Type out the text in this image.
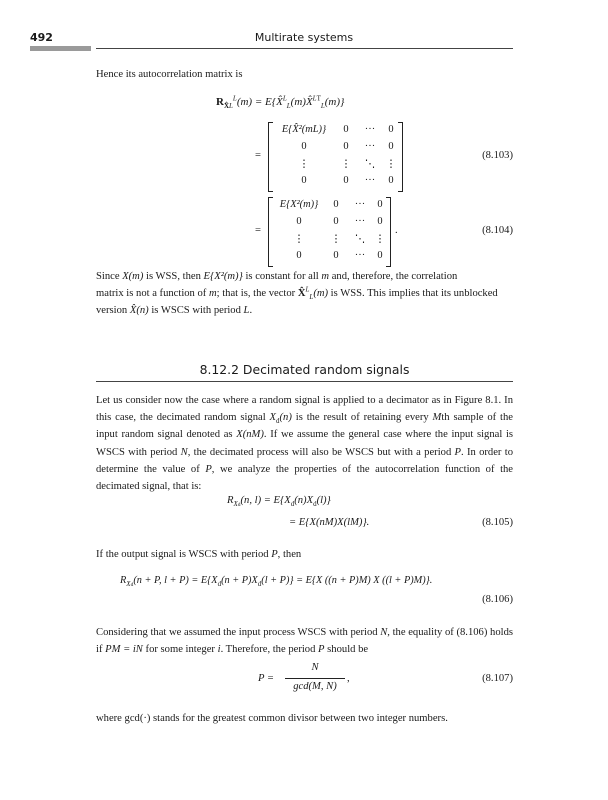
492	Multirate systems
Hence its autocorrelation matrix is
$R_{X̂L}^L(m)$ = E{X̂$^L_L$(m)X̂$^{LT}_L$(m)}
=
E{X̂²(mL)}	0	···	0
0	0	···	0
⋮	⋮	⋱	⋮
0	0	···	0
(8.103)
=
E{X²(m)}	0	···	0
0	0	···	0
⋮	⋮	⋱ ⋮
0	0	···	0
.	(8.104)
Since X(m) is WSS, then E{X²(m)} is constant for all m and, therefore, the correlation
matrix is not a function of m; that is, the vector X̂$^L_L$(m) is WSS. This implies that its unblocked
version X̂(n) is WSCS with period L.
8.12.2 Decimated random signals
Let us consider now the case where a random signal is applied to a decimator as in Figure 8.1. In this case, the decimated random signal $X_d(n)$ is the result of retaining every Mth sample of the input random signal denoted as X(nM). If we assume the general case where the input signal is WSCS with period N, the decimated process will also be WSCS but with a period P. In order to determine the value of P, we analyze the properties of the autocorrelation function of the decimated signal, that is:
$R_{Xd}(n$, $l) = E\{X_d(n)X_d(l)\}$
= E{X(nM)X(lM)}.	(8.105)
If the output signal is WSCS with period P, then
$R_{Xd}(n + P$, $l + P) = E\{X_d(n + P)X_d(l + P)\} = E\{X$ ((n + P)M) X ((l + P)M)}.
(8.106)
Considering that we assumed the input process WSCS with period N, the equality of (8.106) holds if PM = iN for some integer i. Therefore, the period P should be
P =
N
gcd(M, N)
,	(8.107)
where gcd(·) stands for the greatest common divisor between two integer numbers.
